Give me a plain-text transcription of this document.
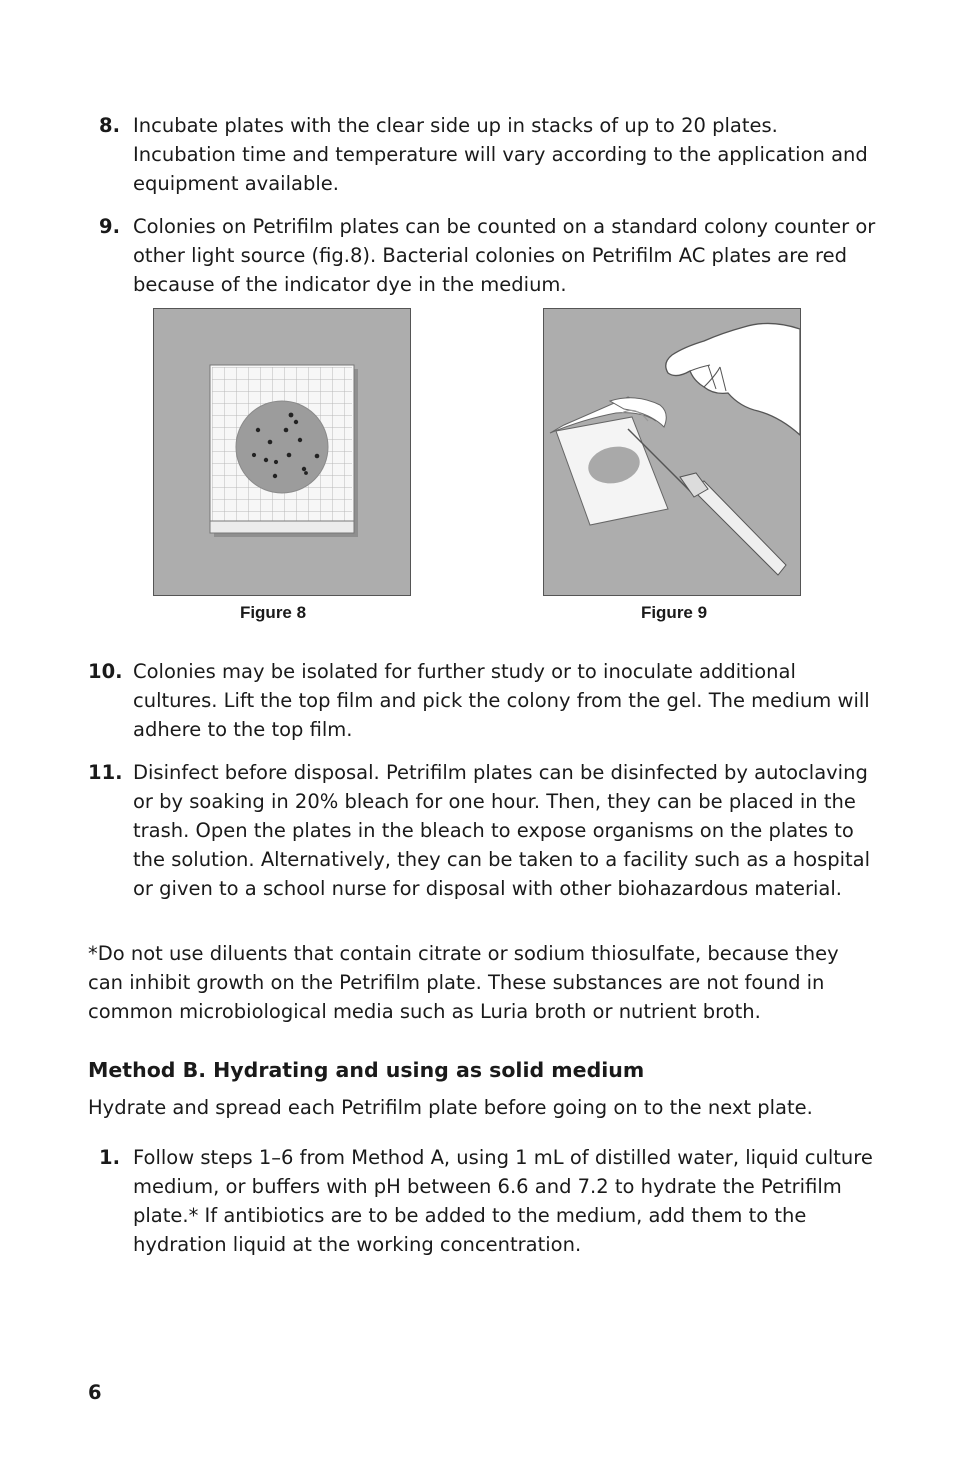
8. Incubate plates with the clear side up in stacks of up to 20 plates. Incubation time and temperature will vary according to the application and equipment available.
9. Colonies on Petrifilm plates can be counted on a standard colony counter or other light source (fig.8). Bacterial colonies on Petrifilm AC plates are red because of the indicator dye in the medium.
Figure 8	Figure 9
10. Colonies may be isolated for further study or to inoculate additional cultures. Lift the top film and pick the colony from the gel. The medium will adhere to the top film.
11. Disinfect before disposal. Petrifilm plates can be disinfected by autoclaving or by soaking in 20% bleach for one hour. Then, they can be placed in the trash. Open the plates in the bleach to expose organisms on the plates to the solution. Alternatively, they can be taken to a facility such as a hospital or given to a school nurse for disposal with other biohazardous material.
*Do not use diluents that contain citrate or sodium thiosulfate, because they can inhibit growth on the Petrifilm plate. These substances are not found in common microbiological media such as Luria broth or nutrient broth.
Method B. Hydrating and using as solid medium
Hydrate and spread each Petrifilm plate before going on to the next plate.
1. Follow steps 1–6 from Method A, using 1 mL of distilled water, liquid culture medium, or buffers with pH between 6.6 and 7.2 to hydrate the Petrifilm plate.* If antibiotics are to be added to the medium, add them to the hydration liquid at the working concentration.
6
